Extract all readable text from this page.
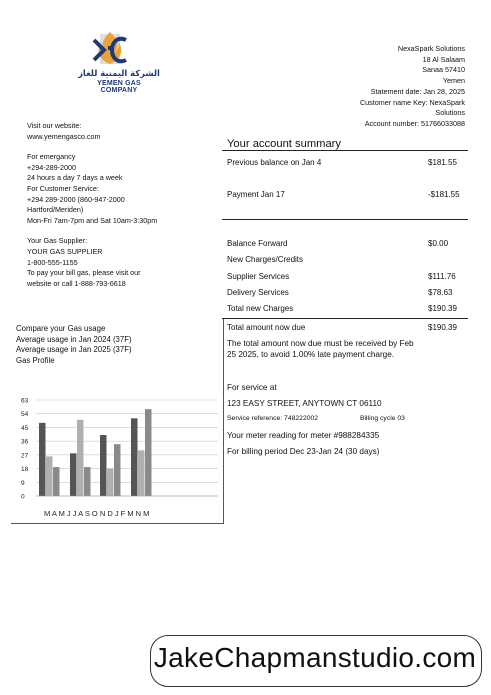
الشركة اليمنية للغاز
YEMEN GAS COMPANY
NexaSpark Solutions
18 Al Salaam
Sanaa 57410
Yemen
Statement date: Jan 28, 2025
Customer name Key: NexaSpark
Solutions
Account number: 51766033088
Visit our website:
www.yemengasco.com
For emergancy
+294-289-2000
24 hours a day 7 days a week
For Customer Service:
+294 289-2000 (860-947-2000
Hartford/Meriden)
Mon-Fri 7am-7pm and Sat 10am-3:30pm
Your Gas Supplier:
YOUR GAS SUPPLIER
1-800-555-1155
To pay your bill gas, please visit our
website or call 1-888-793-6618
Your account summary
Previous balance on Jan 4	$181.55
Payment Jan 17	-$181.55
Balance Forward	$0.00
New Charges/Credits
Supplier Services	$111.76
Delivery Services	$78.63
Total new Charges	$190.39
Total amount now due	$190.39
The total amount now due must be received by Feb
25 2025, to avoid 1.00% late payment charge.
For service at
123 EASY STREET, ANYTOWN CT 06110
Service reference: 748222002	Billing cycle 03
Your meter reading for meter #988284335
For billing period Dec 23-Jan 24 (30 days)
Compare your Gas usage
Average usage in Jan 2024 (37F)
Average usage in Jan 2025 (37F)
Gas Profile
63
54
45
36
27
18
9
0
M A M J J A S O N D J F M N M
JakeChapmanstudio.com
